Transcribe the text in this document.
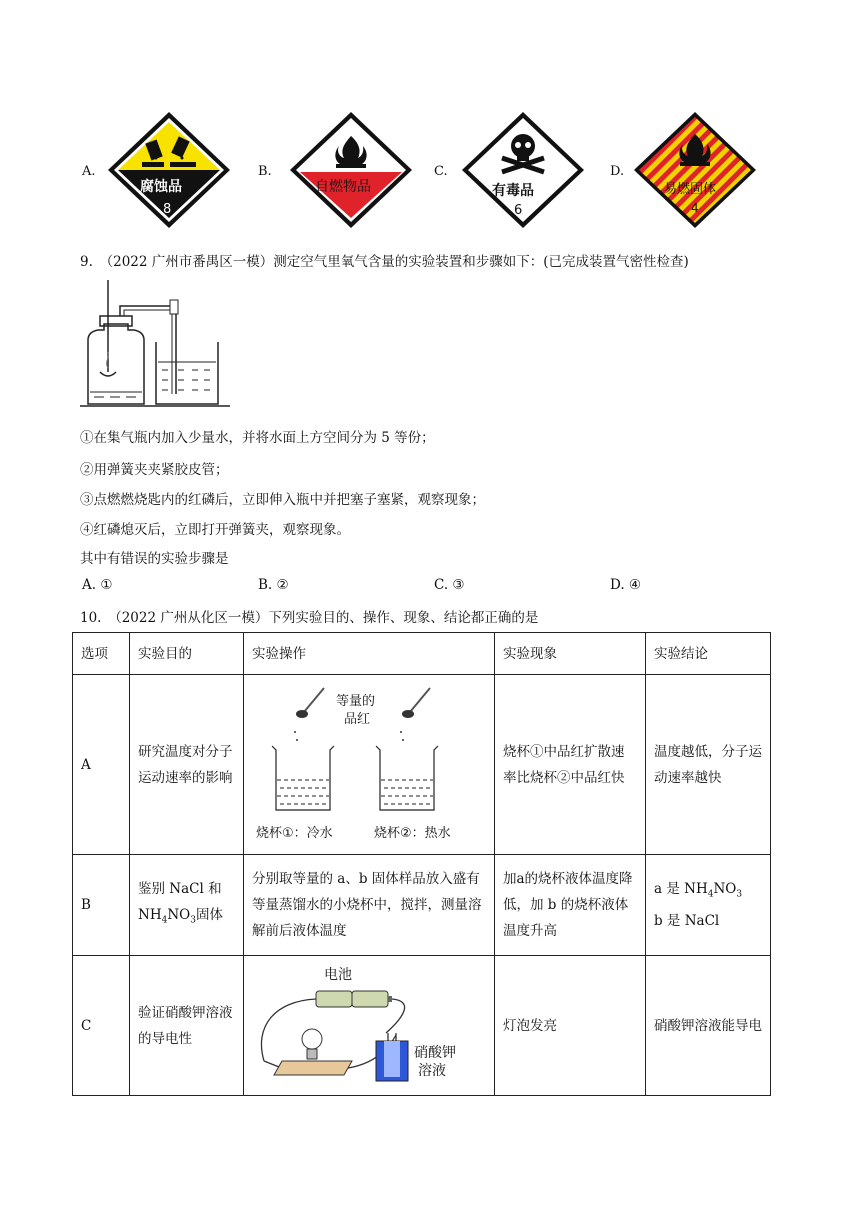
A.
腐蚀品
8
B.
自燃物品
C.
有毒品
6
D.
易燃固体
4
9.　（2022 广州市番禺区一模）测定空气里氧气含量的实验装置和步骤如下：(已完成装置气密性检查)
①在集气瓶内加入少量水，并将水面上方空间分为 5 等份；
②用弹簧夹夹紧胶皮管；
③点燃燃烧匙内的红磷后，立即伸入瓶中并把塞子塞紧，观察现象；
④红磷熄灭后，立即打开弹簧夹，观察现象。
其中有错误的实验步骤是
A. ①	B. ②	C. ③	D. ④
10.　（2022 广州从化区一模）下列实验目的、操作、现象、结论都正确的是
选项	实验目的	实验操作	实验现象	实验结论
A	研究温度对分子运动速率的影响	等量的
品红
烧杯①：冷水 烧杯②：热水	烧杯①中品红扩散速率比烧杯②中品红快	温度越低，分子运动速率越快

B	鉴别 NaCl 和
$NH_4NO_3$固体	分别取等量的 a、b 固体样品放入盛有等量蒸馏水的小烧杯中，搅拌，测量溶解前后液体温度	加a的烧杯液体温度降低，加 b 的烧杯液体温度升高	a 是 $NH_4NO_3$
b 是 NaCl

C	验证硝酸钾溶液的导电性	电池
硝酸钾
溶液	灯泡发亮	硝酸钾溶液能导电
